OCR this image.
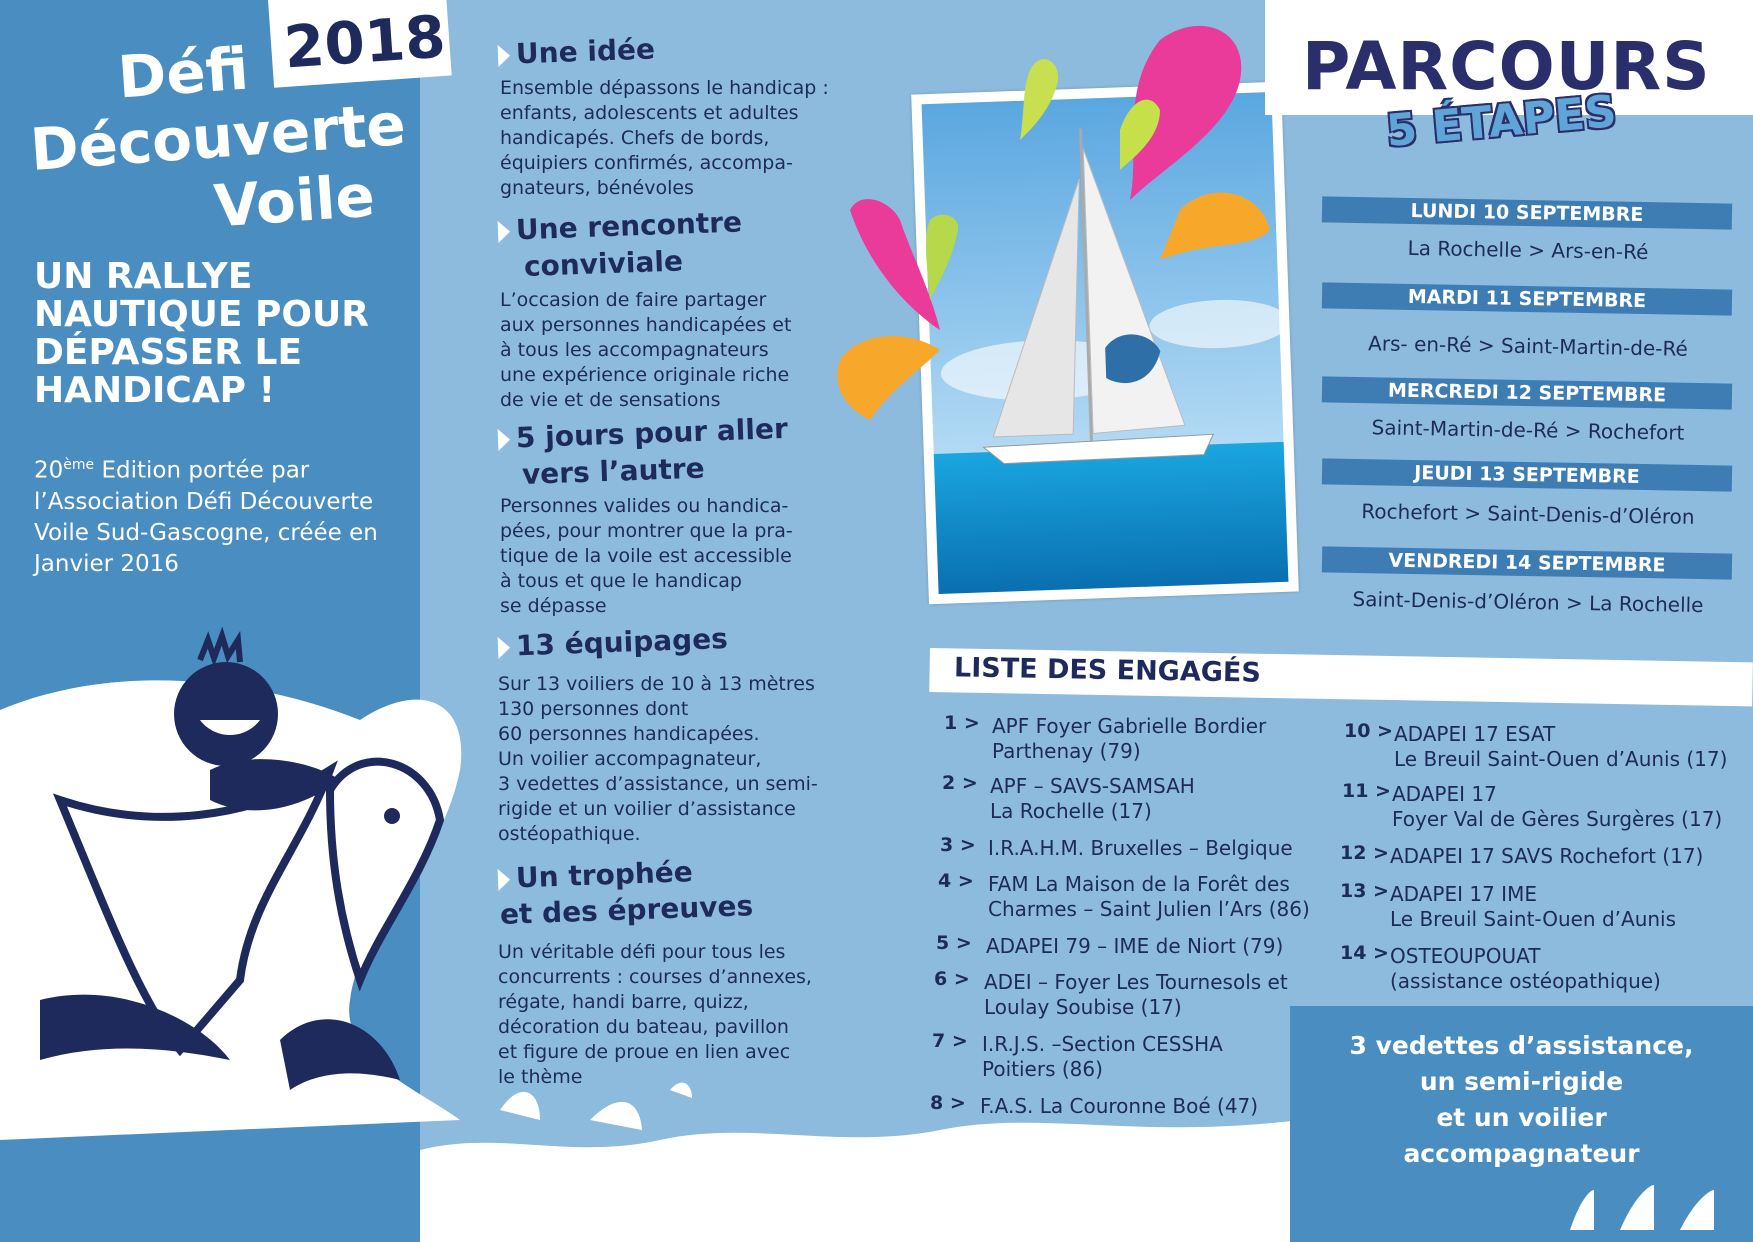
2018
Défi
Découverte
Voile
UN RALLYE NAUTIQUE POUR DÉPASSER LE HANDICAP !
20ème Edition portée par l’Association Défi Découverte Voile Sud-Gascogne, créée en Janvier 2016
Une idée
Ensemble dépassons le handicap :
enfants, adolescents et adultes
handicapés. Chefs de bords,
équipiers confirmés, accompa-
gnateurs, bénévoles
Une rencontre
conviviale
L’occasion de faire partager
aux personnes handicapées et
à tous les accompagnateurs
une expérience originale riche
de vie et de sensations
5 jours pour aller
vers l’autre
Personnes valides ou handica-
pées, pour montrer que la pra-
tique de la voile est accessible
à tous et que le handicap
se dépasse
13 équipages
Sur 13 voiliers de 10 à 13 mètres
130 personnes dont
60 personnes handicapées.
Un voilier accompagnateur,
3 vedettes d’assistance, un semi-
rigide et un voilier d’assistance
ostéopathique.
Un trophée
et des épreuves
Un véritable défi pour tous les
concurrents : courses d’annexes,
régate, handi barre, quizz,
décoration du bateau, pavillon
et figure de proue en lien avec
le thème
PARCOURS
5 ÉTAPES
LUNDI 10 SEPTEMBRE
La Rochelle > Ars-en-Ré
MARDI 11 SEPTEMBRE
Ars- en-Ré > Saint-Martin-de-Ré
MERCREDI 12 SEPTEMBRE
Saint-Martin-de-Ré > Rochefort
JEUDI 13 SEPTEMBRE
Rochefort > Saint-Denis-d’Oléron
VENDREDI 14 SEPTEMBRE
Saint-Denis-d’Oléron > La Rochelle
LISTE DES ENGAGÉS
1 > APF Foyer Gabrielle Bordier
Parthenay (79)
2 > APF – SAVS-SAMSAH
La Rochelle (17)
3 > I.R.A.H.M. Bruxelles – Belgique
4 > FAM La Maison de la Forêt des
Charmes – Saint Julien l’Ars (86)
5 > ADAPEI 79 – IME de Niort (79)
6 > ADEI – Foyer Les Tournesols et
Loulay Soubise (17)
7 > I.R.J.S. –Section CESSHA
Poitiers (86)
8 > F.A.S. La Couronne Boé (47)
10 > ADAPEI 17 ESAT
Le Breuil Saint-Ouen d’Aunis (17)
11 > ADAPEI 17
Foyer Val de Gères Surgères (17)
12 > ADAPEI 17 SAVS Rochefort (17)
13 > ADAPEI 17 IME
Le Breuil Saint-Ouen d’Aunis
14 > OSTEOUPOUAT
(assistance ostéopathique)
3 vedettes d’assistance,
un semi-rigide
et un voilier
accompagnateur
